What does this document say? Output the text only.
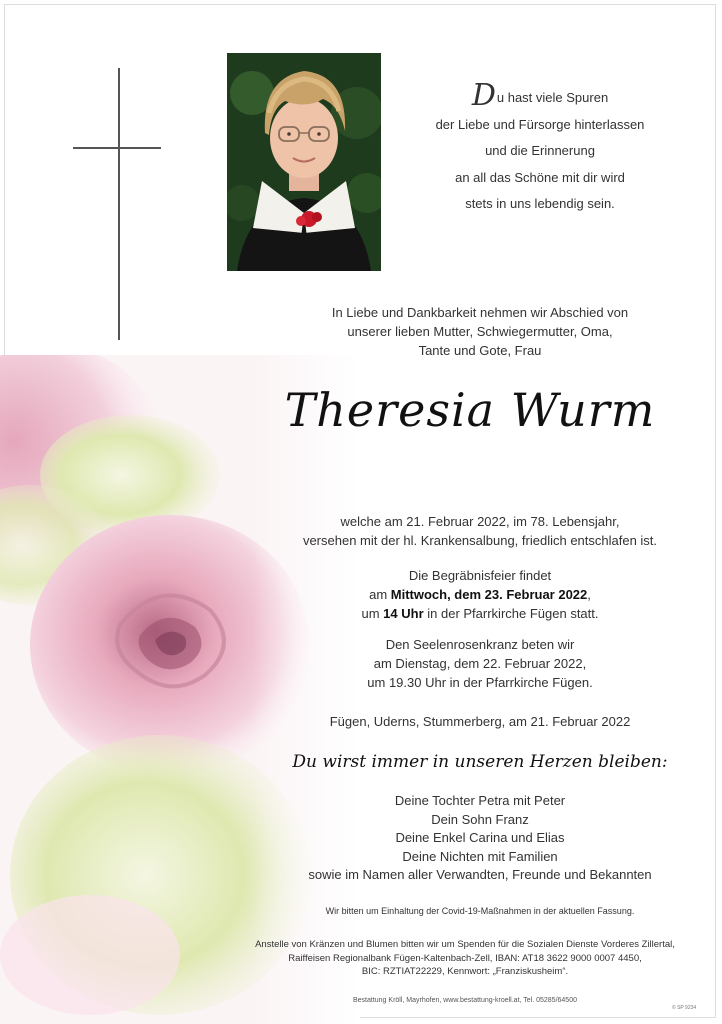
Du hast viele Spuren
der Liebe und Fürsorge hinterlassen
und die Erinnerung
an all das Schöne mit dir wird
stets in uns lebendig sein.
In Liebe und Dankbarkeit nehmen wir Abschied von
unserer lieben Mutter, Schwiegermutter, Oma,
Tante und Gote, Frau
Theresia Wurm
welche am 21. Februar 2022, im 78. Lebensjahr,
versehen mit der hl. Krankensalbung, friedlich entschlafen ist.
Die Begräbnisfeier findet
am Mittwoch, dem 23. Februar 2022,
um 14 Uhr in der Pfarrkirche Fügen statt.
Den Seelenrosenkranz beten wir
am Dienstag, dem 22. Februar 2022,
um 19.30 Uhr in der Pfarrkirche Fügen.
Fügen, Uderns, Stummerberg, am 21. Februar 2022
Du wirst immer in unseren Herzen bleiben:
Deine Tochter Petra mit Peter
Dein Sohn Franz
Deine Enkel Carina und Elias
Deine Nichten mit Familien
sowie im Namen aller Verwandten, Freunde und Bekannten
Wir bitten um Einhaltung der Covid-19-Maßnahmen in der aktuellen Fassung.
Anstelle von Kränzen und Blumen bitten wir um Spenden für die Sozialen Dienste Vorderes Zillertal,
Raiffeisen Regionalbank Fügen-Kaltenbach-Zell, IBAN: AT18 3622 9000 0007 4450,
BIC: RZTIAT22229, Kennwort: „Franziskusheim“.
Bestattung Kröll, Mayrhofen, www.bestattung-kroell.at, Tel. 05285/64500
© SP 9234
